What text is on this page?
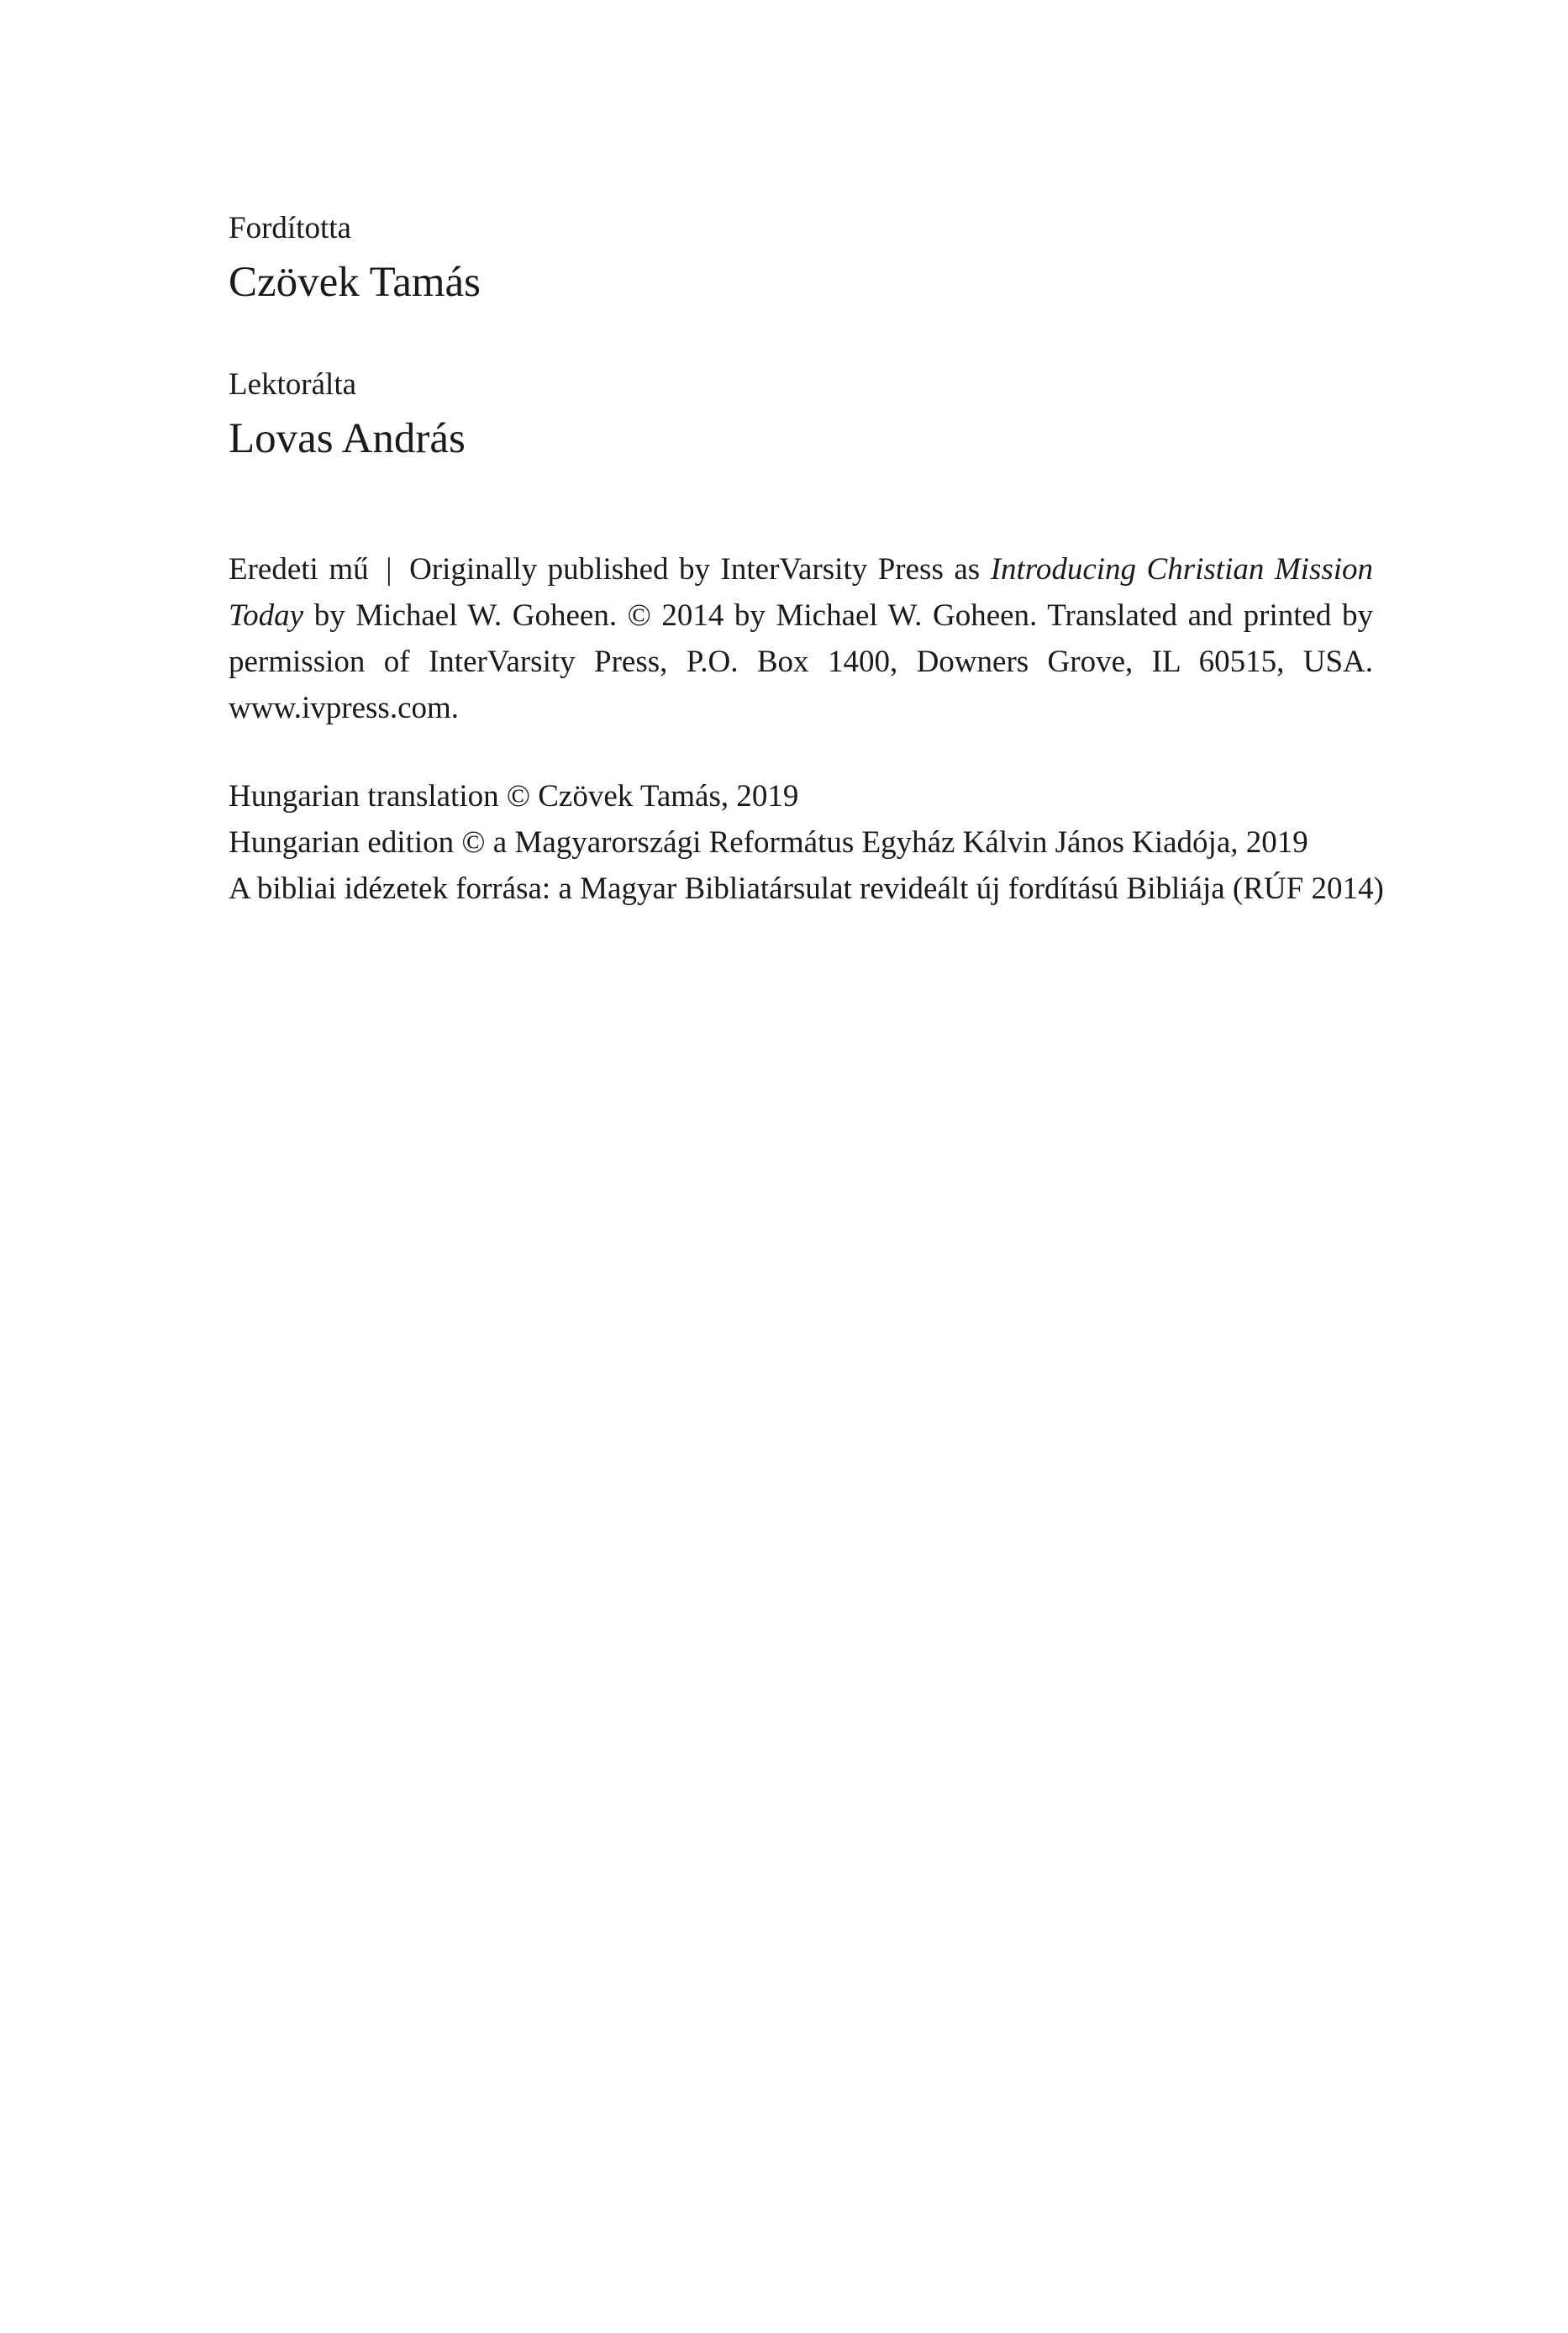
Fordította

Czövek Tamás

Lektorálta

Lovas András

Eredeti mű | Originally published by InterVarsity Press as Introducing Christian Mission Today by Michael W. Goheen. © 2014 by Michael W. Goheen. Translated and printed by permission of InterVarsity Press, P.O. Box 1400, Downers Grove, IL 60515, USA. www.ivpress.com.

Hungarian translation © Czövek Tamás, 2019

Hungarian edition © a Magyarországi Református Egyház Kálvin János Kiadója, 2019

A bibliai idézetek forrása: a Magyar Bibliatársulat revideált új fordítású Bibliája (RÚF 2014)
